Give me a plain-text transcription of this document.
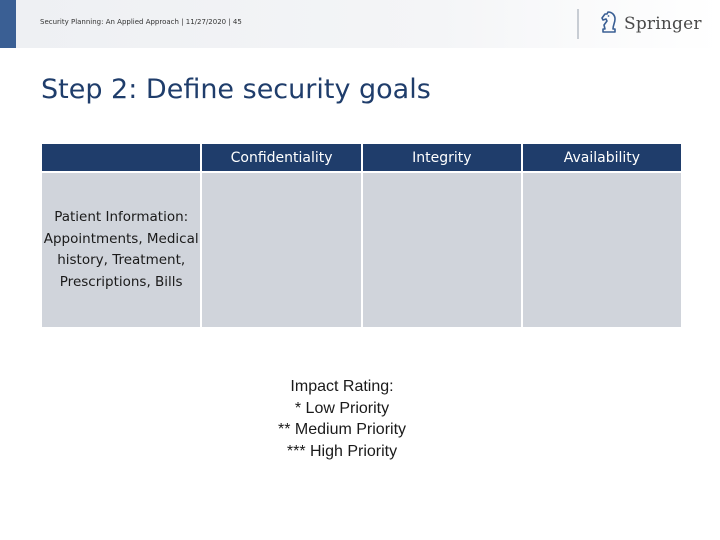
Security Planning: An Applied Approach | 11/27/2020 | 45	Springer
Step 2: Define security goals
	Confidentiality	Integrity	Availability
Patient Information: Appointments, Medical history, Treatment, Prescriptions, Bills			
Impact Rating:
* Low Priority
** Medium Priority
*** High Priority
